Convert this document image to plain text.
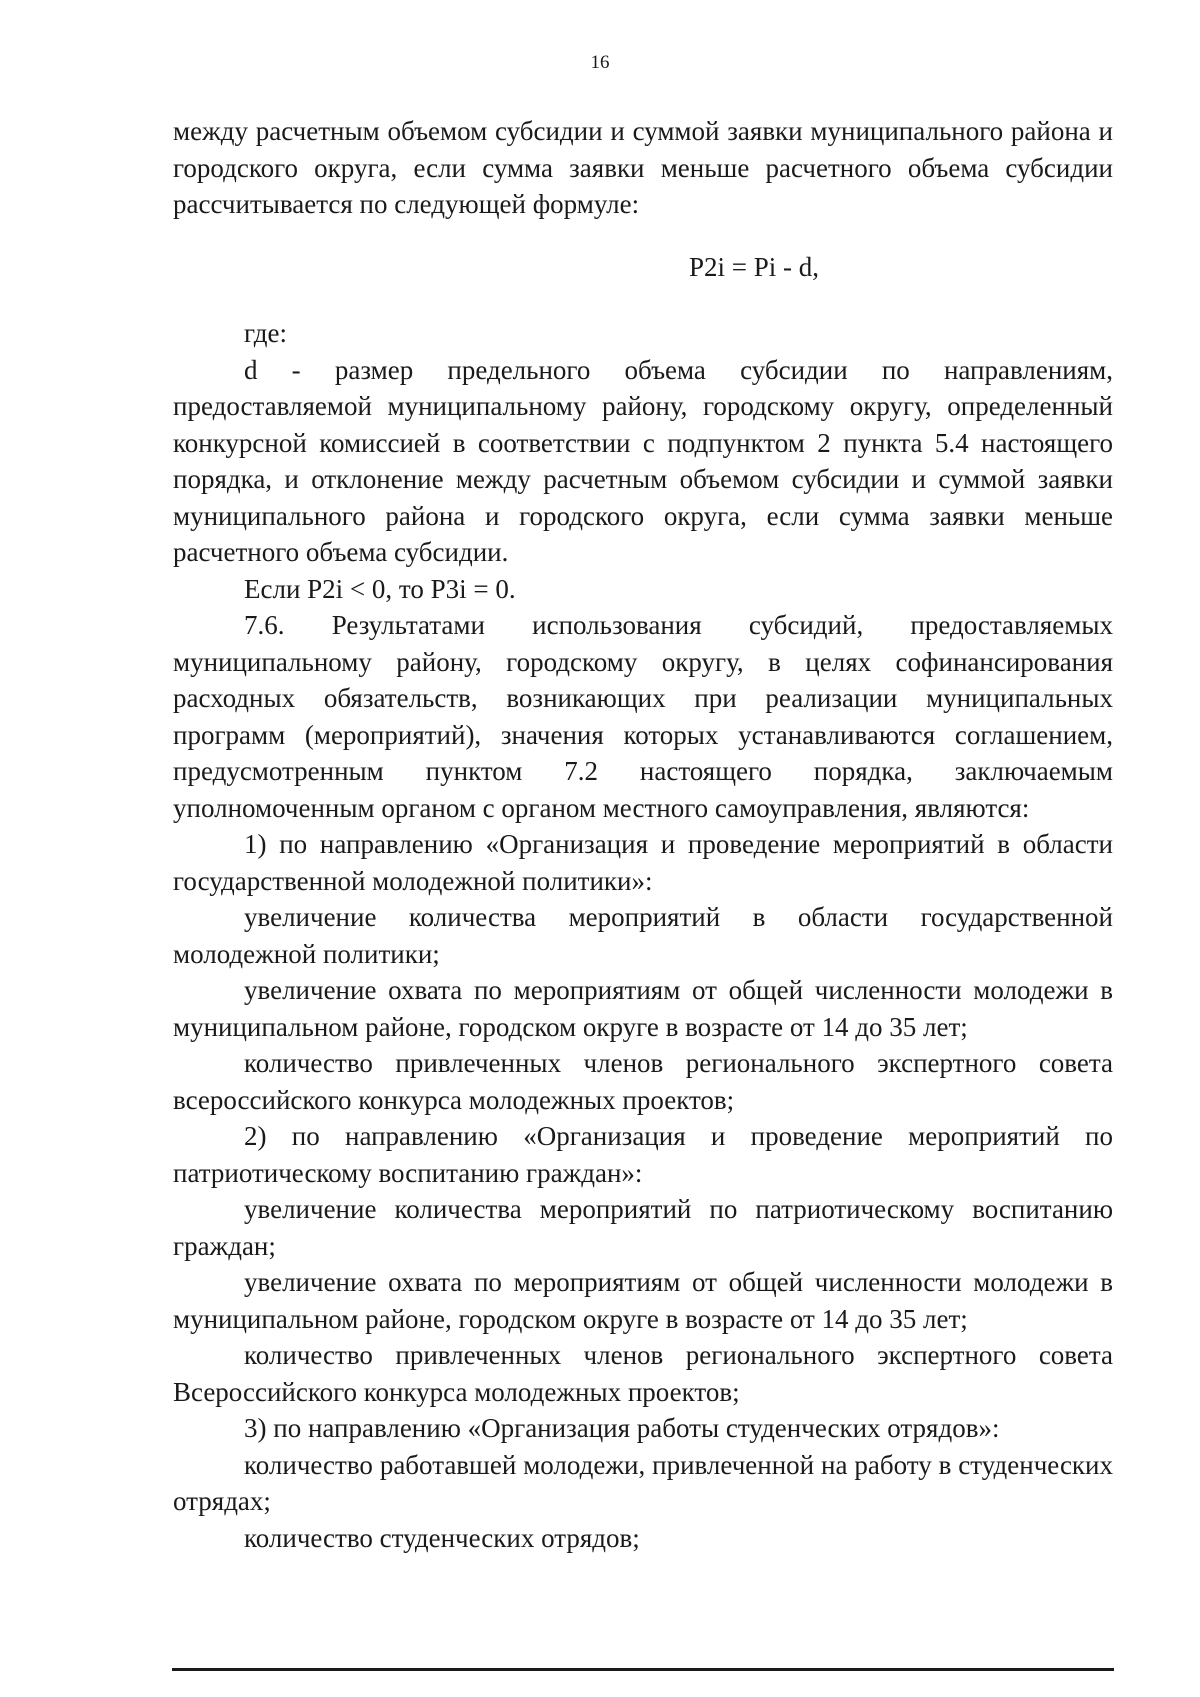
16

между расчетным объемом субсидии и суммой заявки муниципального района и городского округа, если сумма заявки меньше расчетного объема субсидии рассчитывается по следующей формуле:

P2i = Pi - d,

где:

d - размер предельного объема субсидии по направлениям, предоставляемой муниципальному району, городскому округу, определенный конкурсной комиссией в соответствии с подпунктом 2 пункта 5.4 настоящего порядка, и отклонение между расчетным объемом субсидии и суммой заявки муниципального района и городского округа, если сумма заявки меньше расчетного объема субсидии.

Если P2i < 0, то P3i = 0.

7.6. Результатами использования субсидий, предоставляемых муниципальному району, городскому округу, в целях софинансирования расходных обязательств, возникающих при реализации муниципальных программ (мероприятий), значения которых устанавливаются соглашением, предусмотренным пунктом 7.2 настоящего порядка, заключаемым уполномоченным органом с органом местного самоуправления, являются:

1) по направлению «Организация и проведение мероприятий в области государственной молодежной политики»:

увеличение количества мероприятий в области государственной молодежной политики;

увеличение охвата по мероприятиям от общей численности молодежи в муниципальном районе, городском округе в возрасте от 14 до 35 лет;

количество привлеченных членов регионального экспертного совета всероссийского конкурса молодежных проектов;

2) по направлению «Организация и проведение мероприятий по патриотическому воспитанию граждан»:

увеличение количества мероприятий по патриотическому воспитанию граждан;

увеличение охвата по мероприятиям от общей численности молодежи в муниципальном районе, городском округе в возрасте от 14 до 35 лет;

количество привлеченных членов регионального экспертного совета Всероссийского конкурса молодежных проектов;

3) по направлению «Организация работы студенческих отрядов»:

количество работавшей молодежи, привлеченной на работу в студенческих отрядах;

количество студенческих отрядов;
